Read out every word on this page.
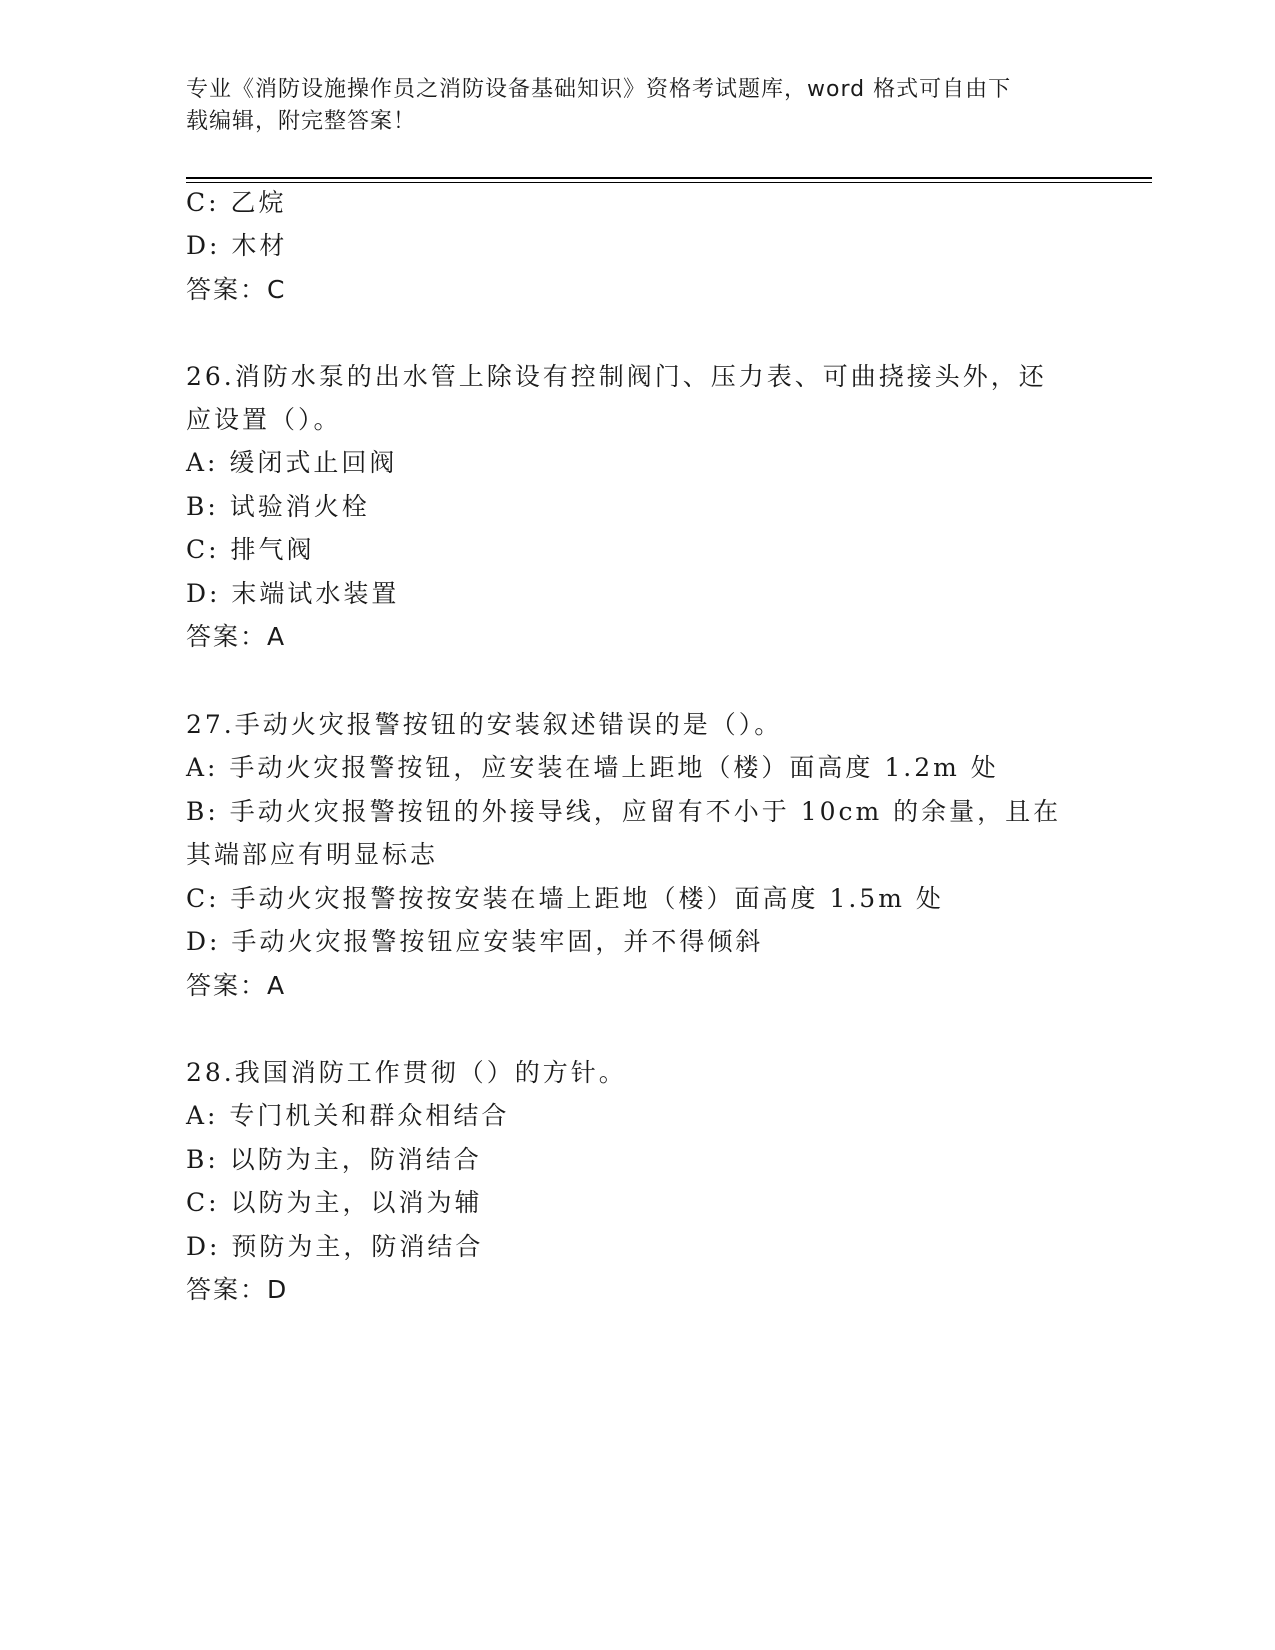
专业《消防设施操作员之消防设备基础知识》资格考试题库，word 格式可自由下
载编辑，附完整答案！
C: 乙烷
D: 木材
答案：C
26.消防水泵的出水管上除设有控制阀门、压力表、可曲挠接头外，还
应设置（）。
A: 缓闭式止回阀
B: 试验消火栓
C: 排气阀
D: 末端试水装置
答案：A
27.手动火灾报警按钮的安装叙述错误的是（）。
A: 手动火灾报警按钮，应安装在墙上距地（楼）面高度 1.2m 处
B: 手动火灾报警按钮的外接导线，应留有不小于 10cm 的余量，且在
其端部应有明显标志
C: 手动火灾报警按按安装在墙上距地（楼）面高度 1.5m 处
D: 手动火灾报警按钮应安装牢固，并不得倾斜
答案：A
28.我国消防工作贯彻（）的方针。
A: 专门机关和群众相结合
B: 以防为主，防消结合
C: 以防为主，以消为辅
D: 预防为主，防消结合
答案：D
